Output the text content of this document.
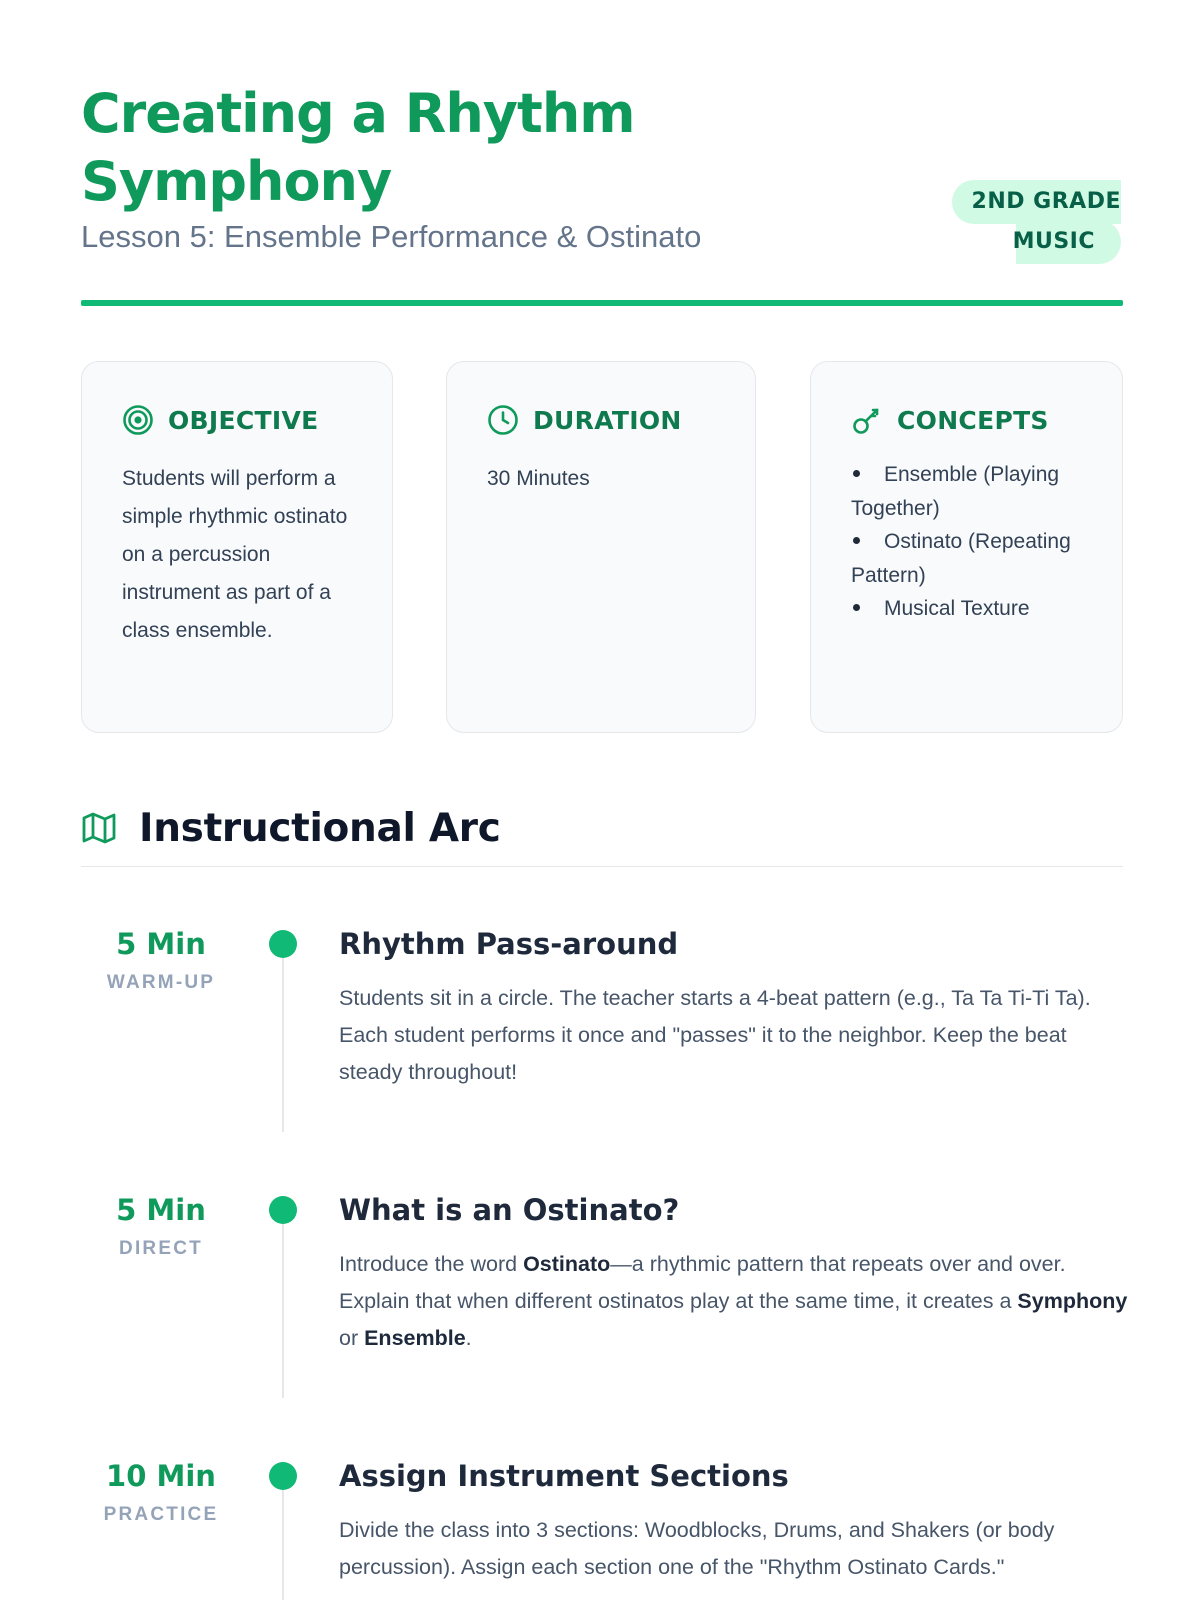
Creating a Rhythm Symphony
Lesson 5: Ensemble Performance & Ostinato
2ND GRADE
MUSIC
OBJECTIVE

Students will perform a simple rhythmic ostinato on a percussion instrument as part of a class ensemble.

DURATION

30 Minutes

CONCEPTS
Ensemble (Playing Together)
Ostinato (Repeating Pattern)
Musical Texture
Instructional Arc
5 Min
WARM-UP
Rhythm Pass-around
Students sit in a circle. The teacher starts a 4-beat pattern (e.g., Ta Ta Ti-Ti Ta). Each student performs it once and "passes" it to the neighbor. Keep the beat steady throughout!
5 Min
DIRECT
What is an Ostinato?
Introduce the word Ostinato—a rhythmic pattern that repeats over and over. Explain that when different ostinatos play at the same time, it creates a Symphony or Ensemble.
10 Min
PRACTICE
Assign Instrument Sections
Divide the class into 3 sections: Woodblocks, Drums, and Shakers (or body percussion). Assign each section one of the "Rhythm Ostinato Cards."
